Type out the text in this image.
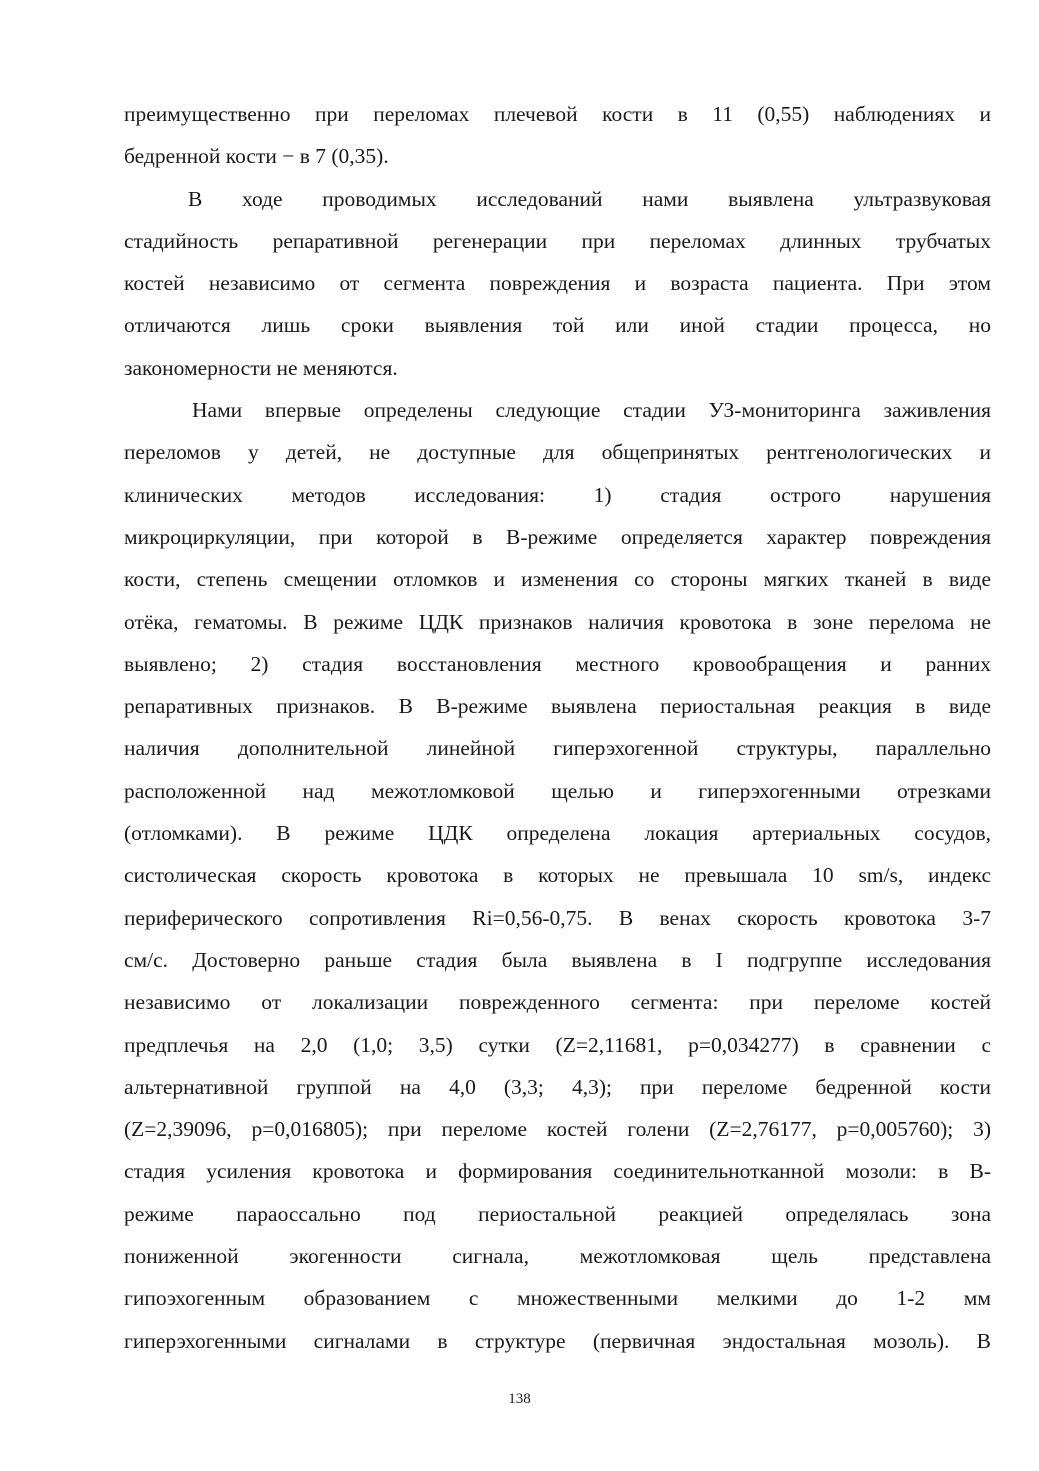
преимущественно при переломах плечевой кости в 11 (0,55) наблюдениях и
бедренной кости − в 7 (0,35).
В ходе проводимых исследований нами выявлена ультразвуковая
стадийность репаративной регенерации при переломах длинных трубчатых
костей независимо от сегмента повреждения и возраста пациента. При этом
отличаются лишь сроки выявления той или иной стадии процесса, но
закономерности не меняются.
Нами впервые определены следующие стадии УЗ-мониторинга заживления
переломов у детей, не доступные для общепринятых рентгенологических и
клинических методов исследования: 1) стадия острого нарушения
микроциркуляции, при которой в В-режиме определяется характер повреждения
кости, степень смещении отломков и изменения со стороны мягких тканей в виде
отёка, гематомы. В режиме ЦДК признаков наличия кровотока в зоне перелома не
выявлено; 2) стадия восстановления местного кровообращения и ранних
репаративных признаков. В В-режиме выявлена периостальная реакция в виде
наличия дополнительной линейной гиперэхогенной структуры, параллельно
расположенной над межотломковой щелью и гиперэхогенными отрезками
(отломками). В режиме ЦДК определена локация артериальных сосудов,
систолическая скорость кровотока в которых не превышала 10 sm/s, индекс
периферического сопротивления Ri=0,56-0,75. В венах скорость кровотока 3-7
см/с. Достоверно раньше стадия была выявлена в I подгруппе исследования
независимо от локализации поврежденного сегмента: при переломе костей
предплечья на 2,0 (1,0; 3,5) сутки (Z=2,11681, p=0,034277) в сравнении с
альтернативной группой на 4,0 (3,3; 4,3); при переломе бедренной кости
(Z=2,39096, p=0,016805); при переломе костей голени (Z=2,76177, p=0,005760); 3)
стадия усиления кровотока и формирования соединительнотканной мозоли: в В-
режиме параоссально под периостальной реакцией определялась зона
пониженной экогенности сигнала, межотломковая щель представлена
гипоэхогенным образованием с множественными мелкими до 1-2 мм
гиперэхогенными сигналами в структуре (первичная эндостальная мозоль). В
138
